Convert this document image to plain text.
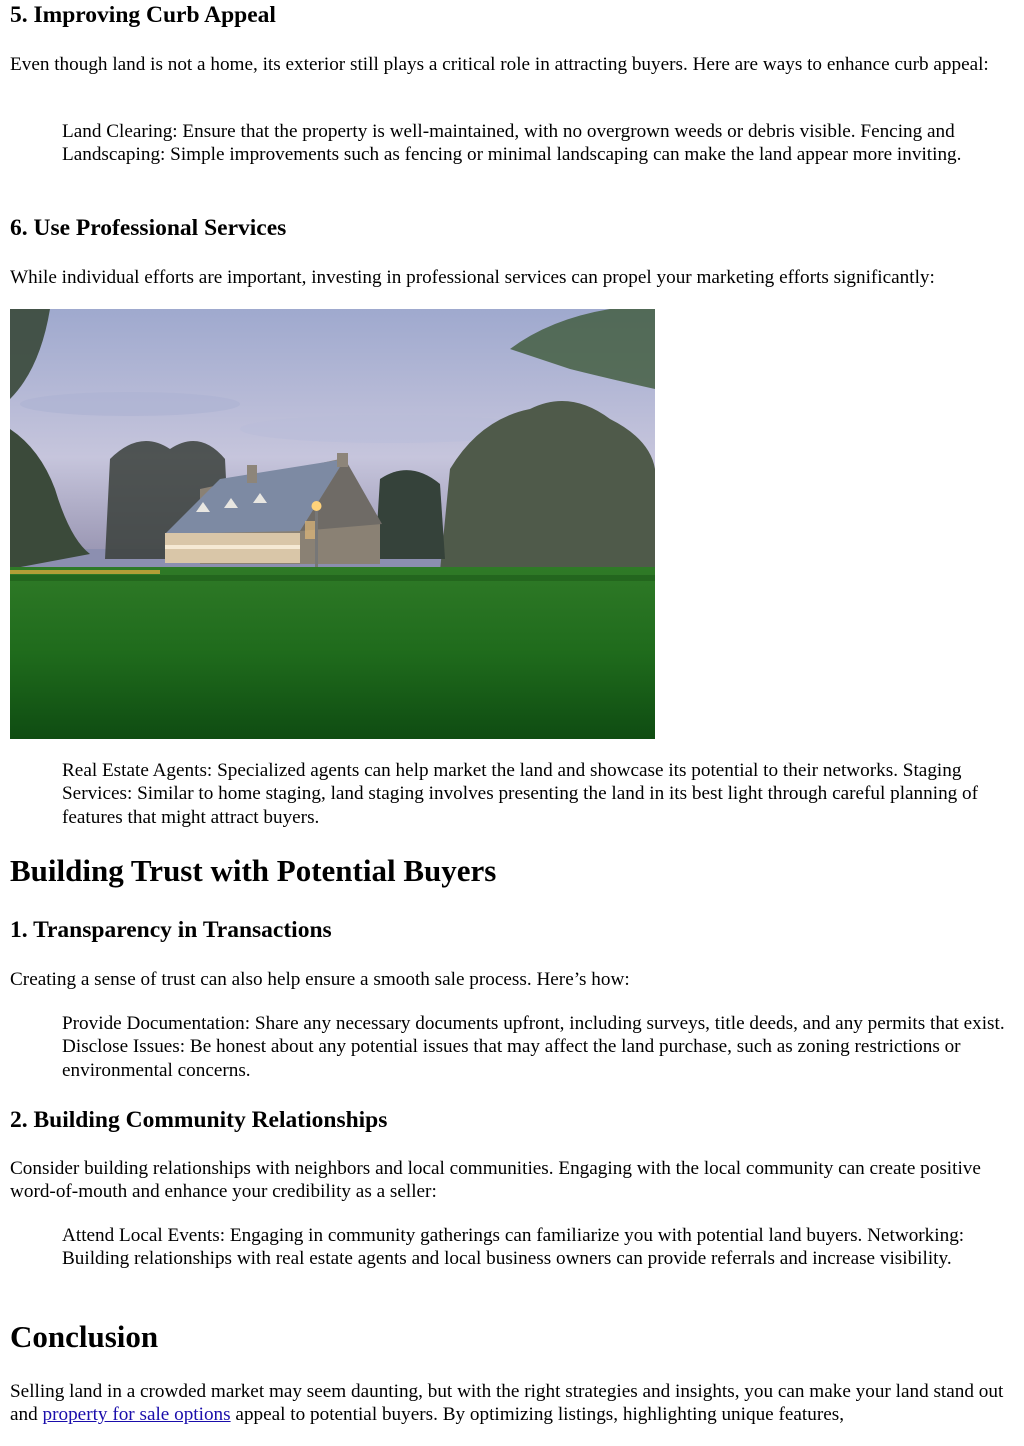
5. Improving Curb Appeal

Even though land is not a home, its exterior still plays a critical role in attracting buyers. Here are ways to enhance curb appeal:

Land Clearing: Ensure that the property is well-maintained, with no overgrown weeds or debris visible. Fencing and Landscaping: Simple improvements such as fencing or minimal landscaping can make the land appear more inviting.
6. Use Professional Services

While individual efforts are important, investing in professional services can propel your marketing efforts significantly:

Real Estate Agents: Specialized agents can help market the land and showcase its potential to their networks. Staging Services: Similar to home staging, land staging involves presenting the land in its best light through careful planning of features that might attract buyers.
Building Trust with Potential Buyers
1. Transparency in Transactions

Creating a sense of trust can also help ensure a smooth sale process. Here’s how:

Provide Documentation: Share any necessary documents upfront, including surveys, title deeds, and any permits that exist. Disclose Issues: Be honest about any potential issues that may affect the land purchase, such as zoning restrictions or environmental concerns.
2. Building Community Relationships

Consider building relationships with neighbors and local communities. Engaging with the local community can create positive word-of-mouth and enhance your credibility as a seller:

Attend Local Events: Engaging in community gatherings can familiarize you with potential land buyers. Networking: Building relationships with real estate agents and local business owners can provide referrals and increase visibility.
Conclusion

Selling land in a crowded market may seem daunting, but with the right strategies and insights, you can make your land stand out and property for sale options appeal to potential buyers. By optimizing listings, highlighting unique features,
